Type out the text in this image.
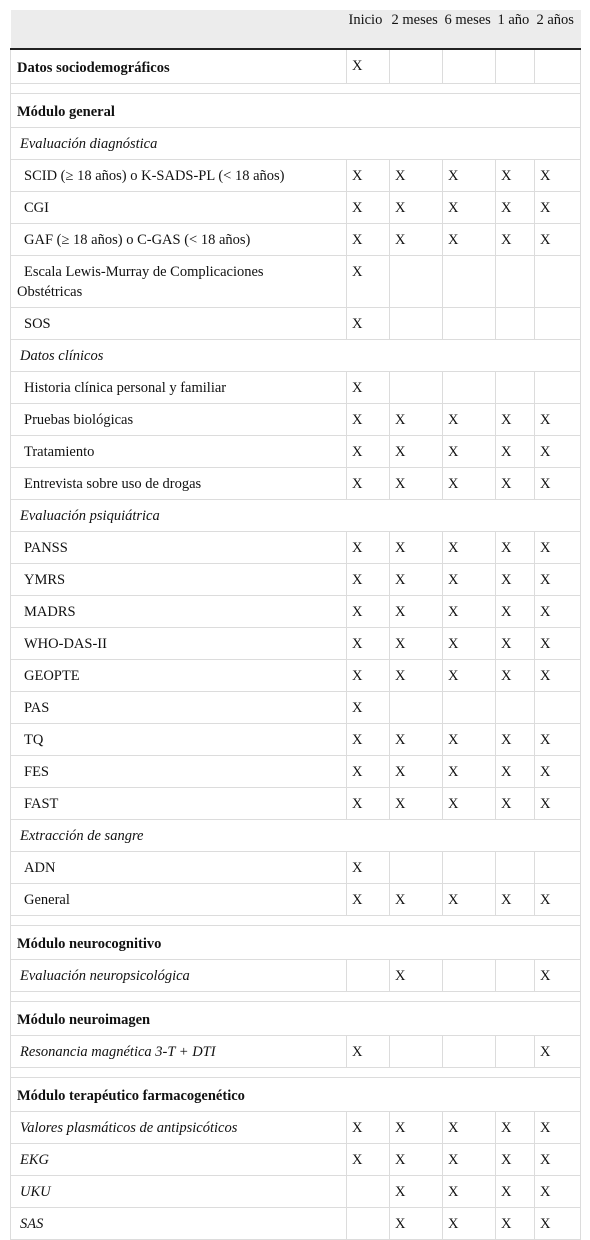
	Inicio	2 meses	6 meses	1 año	2 años
Datos sociodemográficos	X				

Módulo general					
Evaluación diagnóstica					
SCID (≥ 18 años) o K-SADS-PL (< 18 años)	X	X	X	X	X
CGI	X	X	X	X	X
GAF (≥ 18 años) o C-GAS (< 18 años)	X	X	X	X	X
Escala Lewis-Murray de Complicaciones
Obstétricas	X				
SOS	X				
Datos clínicos					
Historia clínica personal y familiar	X				
Pruebas biológicas	X	X	X	X	X
Tratamiento	X	X	X	X	X
Entrevista sobre uso de drogas	X	X	X	X	X
Evaluación psiquiátrica					
PANSS	X	X	X	X	X
YMRS	X	X	X	X	X
MADRS	X	X	X	X	X
WHO-DAS-II	X	X	X	X	X
GEOPTE	X	X	X	X	X
PAS	X				
TQ	X	X	X	X	X
FES	X	X	X	X	X
FAST	X	X	X	X	X
Extracción de sangre					
ADN	X				
General	X	X	X	X	X

Módulo neurocognitivo					
Evaluación neuropsicológica		X			X

Módulo neuroimagen					
Resonancia magnética 3-T + DTI	X				X

Módulo terapéutico farmacogenético					
Valores plasmáticos de antipsicóticos	X	X	X	X	X
EKG	X	X	X	X	X
UKU		X	X	X	X
SAS		X	X	X	X
